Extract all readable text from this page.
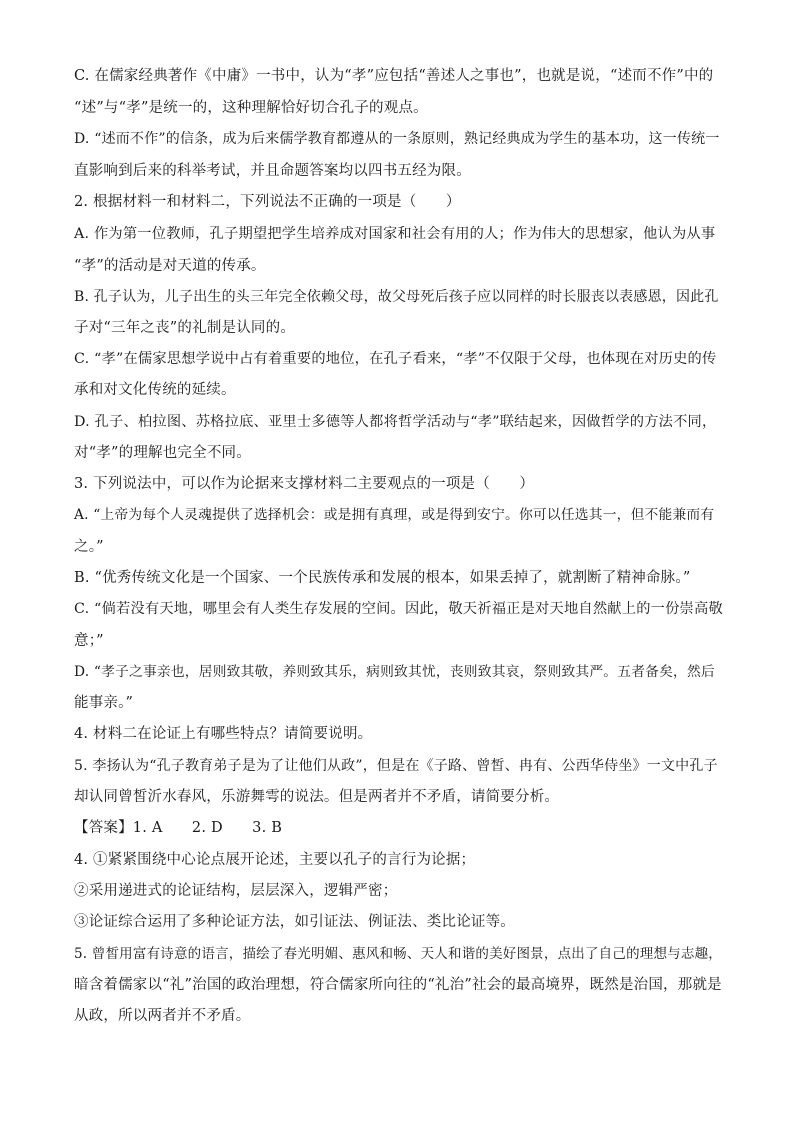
C. 在儒家经典著作《中庸》一书中，认为“孝”应包括“善述人之事也”，也就是说，“述而不作”中的
“述”与“孝”是统一的，这种理解恰好切合孔子的观点。
D. “述而不作”的信条，成为后来儒学教育都遵从的一条原则，熟记经典成为学生的基本功，这一传统一
直影响到后来的科举考试，并且命题答案均以四书五经为限。
2. 根据材料一和材料二，下列说法不正确的一项是（　　）
A. 作为第一位教师，孔子期望把学生培养成对国家和社会有用的人；作为伟大的思想家，他认为从事
“孝”的活动是对天道的传承。
B. 孔子认为，儿子出生的头三年完全依赖父母，故父母死后孩子应以同样的时长服丧以表感恩，因此孔
子对“三年之丧”的礼制是认同的。
C. “孝”在儒家思想学说中占有着重要的地位，在孔子看来，“孝”不仅限于父母，也体现在对历史的传
承和对文化传统的延续。
D. 孔子、柏拉图、苏格拉底、亚里士多德等人都将哲学活动与“孝”联结起来，因做哲学的方法不同，
对“孝”的理解也完全不同。
3. 下列说法中，可以作为论据来支撑材料二主要观点的一项是（　　）
A. “上帝为每个人灵魂提供了选择机会：或是拥有真理，或是得到安宁。你可以任选其一，但不能兼而有
之。”
B. “优秀传统文化是一个国家、一个民族传承和发展的根本，如果丢掉了，就割断了精神命脉。”
C. “倘若没有天地，哪里会有人类生存发展的空间。因此，敬天祈福正是对天地自然献上的一份崇高敬
意；”
D. “孝子之事亲也，居则致其敬，养则致其乐，病则致其忧，丧则致其哀，祭则致其严。五者备矣，然后
能事亲。”
4. 材料二在论证上有哪些特点？请简要说明。
5. 李扬认为“孔子教育弟子是为了让他们从政”，但是在《子路、曾皙、冉有、公西华侍坐》一文中孔子
却认同曾皙沂水春风，乐游舞雩的说法。但是两者并不矛盾，请简要分析。
【答案】1. A　　2. D　　3. B
4. ①紧紧围绕中心论点展开论述，主要以孔子的言行为论据；
②采用递进式的论证结构，层层深入，逻辑严密；
③论证综合运用了多种论证方法，如引证法、例证法、类比论证等。
5. 曾皙用富有诗意的语言，描绘了春光明媚、惠风和畅、天人和谐的美好图景，点出了自己的理想与志趣，
暗含着儒家以“礼”治国的政治理想，符合儒家所向往的“礼治”社会的最高境界，既然是治国，那就是
从政，所以两者并不矛盾。
